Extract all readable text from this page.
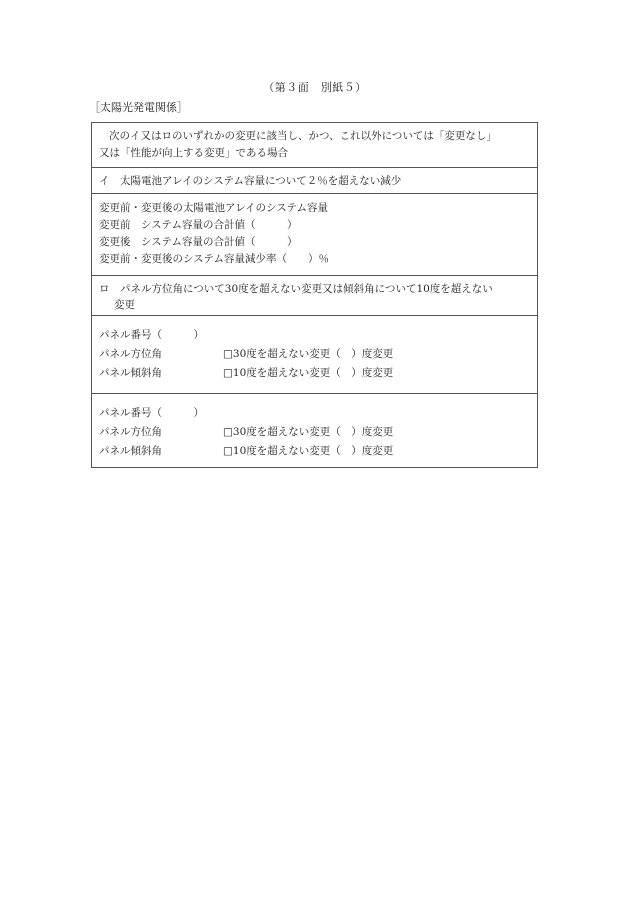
（第３面　別紙５）
［太陽光発電関係］
次のイ又はロのいずれかの変更に該当し、かつ、これ以外については「変更なし」
又は「性能が向上する変更」である場合
イ　太陽電池アレイのシステム容量について２％を超えない減少
変更前・変更後の太陽電池アレイのシステム容量
変更前　システム容量の合計値（　　　）
変更後　システム容量の合計値（　　　）
変更前・変更後のシステム容量減少率（　　）％
ロ　パネル方位角について30度を超えない変更又は傾斜角について10度を超えない
変更
パネル番号（　　　）
パネル方位角	□ 30度を超えない変更（　）度変更
パネル傾斜角	□ 10度を超えない変更（　）度変更
パネル番号（　　　）
パネル方位角	□ 30度を超えない変更（　）度変更
パネル傾斜角	□ 10度を超えない変更（　）度変更
